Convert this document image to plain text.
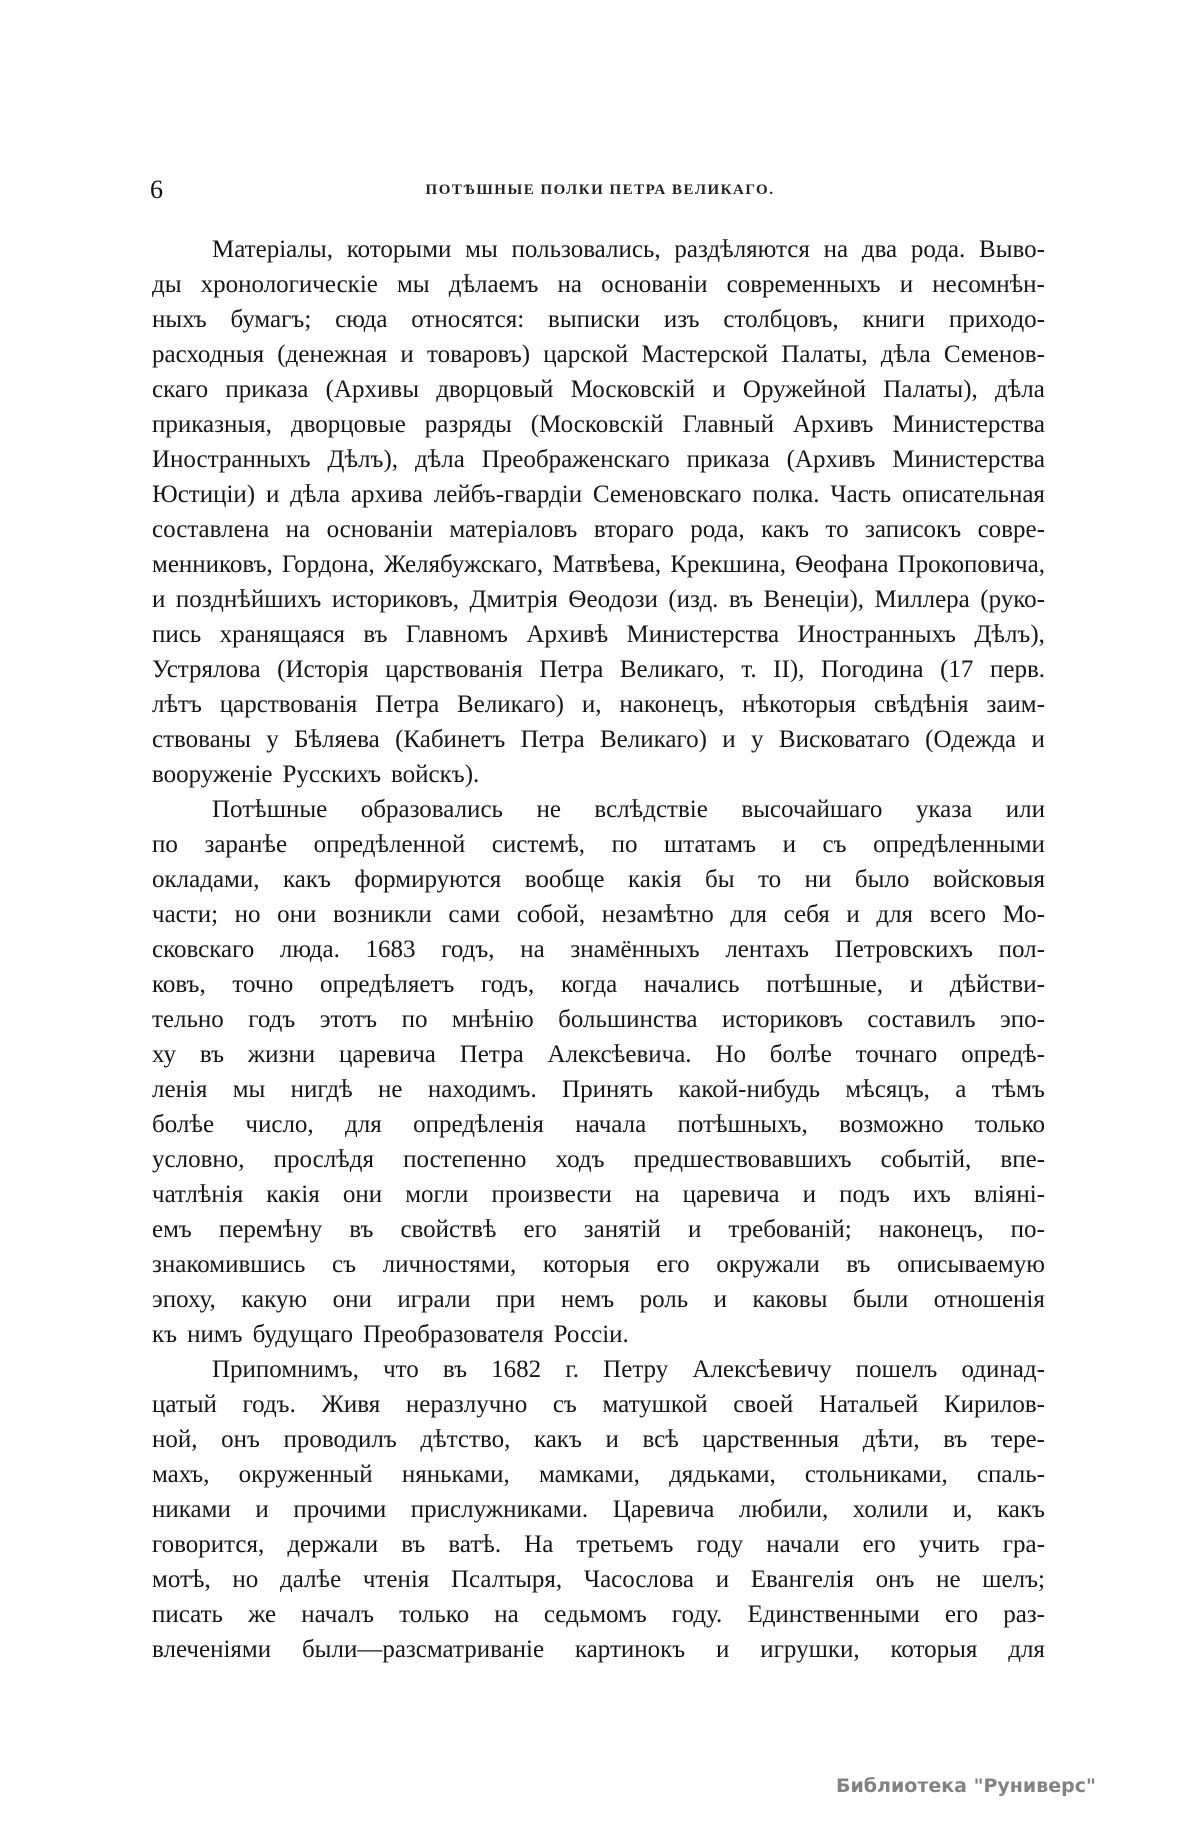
6	ПОТѢШНЫЕ ПОЛКИ ПЕТРА ВЕЛИКАГО.
Матеріалы, которыми мы пользовались, раздѣляются на два рода. Выво-
ды хронологическіе мы дѣлаемъ на основаніи современныхъ и несомнѣн-
ныхъ бумагъ; сюда относятся: выписки изъ столбцовъ, книги приходо-
расходныя (денежная и товаровъ) царской Мастерской Палаты, дѣла Семенов-
скаго приказа (Архивы дворцовый Московскій и Оружейной Палаты), дѣла
приказныя, дворцовые разряды (Московскій Главный Архивъ Министерства
Иностранныхъ Дѣлъ), дѣла Преображенскаго приказа (Архивъ Министерства
Юстиціи) и дѣла архива лейбъ-гвардіи Семеновскаго полка. Часть описательная
составлена на основаніи матеріаловъ втораго рода, какъ то записокъ совре-
менниковъ, Гордона, Желябужскаго, Матвѣева, Крекшина, Ѳеофана Прокоповича,
и позднѣйшихъ историковъ, Дмитрія Ѳеодози (изд. въ Венеціи), Миллера (руко-
пись хранящаяся въ Главномъ Архивѣ Министерства Иностранныхъ Дѣлъ),
Устрялова (Исторія царствованія Петра Великаго, т. II), Погодина (17 перв.
лѣтъ царствованія Петра Великаго) и, наконецъ, нѣкоторыя свѣдѣнія заим-
ствованы у Бѣляева (Кабинетъ Петра Великаго) и у Висковатаго (Одежда и
вооруженіе Русскихъ войскъ).
Потѣшные образовались не вслѣдствіе высочайшаго указа или
по заранѣе опредѣленной системѣ, по штатамъ и съ опредѣленными
окладами, какъ формируются вообще какія бы то ни было войсковыя
части; но они возникли сами собой, незамѣтно для себя и для всего Мо-
сковскаго люда. 1683 годъ, на знамённыхъ лентахъ Петровскихъ пол-
ковъ, точно опредѣляетъ годъ, когда начались потѣшные, и дѣйстви-
тельно годъ этотъ по мнѣнію большинства историковъ составилъ эпо-
ху въ жизни царевича Петра Алексѣевича. Но болѣе точнаго опредѣ-
ленія мы нигдѣ не находимъ. Принять какой-нибудь мѣсяцъ, а тѣмъ
болѣе число, для опредѣленія начала потѣшныхъ, возможно только
условно, прослѣдя постепенно ходъ предшествовавшихъ событій, впе-
чатлѣнія какія они могли произвести на царевича и подъ ихъ вліяні-
емъ перемѣну въ свойствѣ его занятій и требованій; наконецъ, по-
знакомившись съ личностями, которыя его окружали въ описываемую
эпоху, какую они играли при немъ роль и каковы были отношенія
къ нимъ будущаго Преобразователя Россіи.
Припомнимъ, что въ 1682 г. Петру Алексѣевичу пошелъ одинад-
цатый годъ. Живя неразлучно съ матушкой своей Натальей Кирилов-
ной, онъ проводилъ дѣтство, какъ и всѣ царственныя дѣти, въ тере-
махъ, окруженный няньками, мамками, дядьками, стольниками, спаль-
никами и прочими прислужниками. Царевича любили, холили и, какъ
говорится, держали въ ватѣ. На третьемъ году начали его учить гра-
мотѣ, но далѣе чтенія Псалтыря, Часослова и Евангелія онъ не шелъ;
писать же началъ только на седьмомъ году. Единственными его раз-
влеченіями были—разсматриваніе картинокъ и игрушки, которыя для
Библиотека "Руниверс"
